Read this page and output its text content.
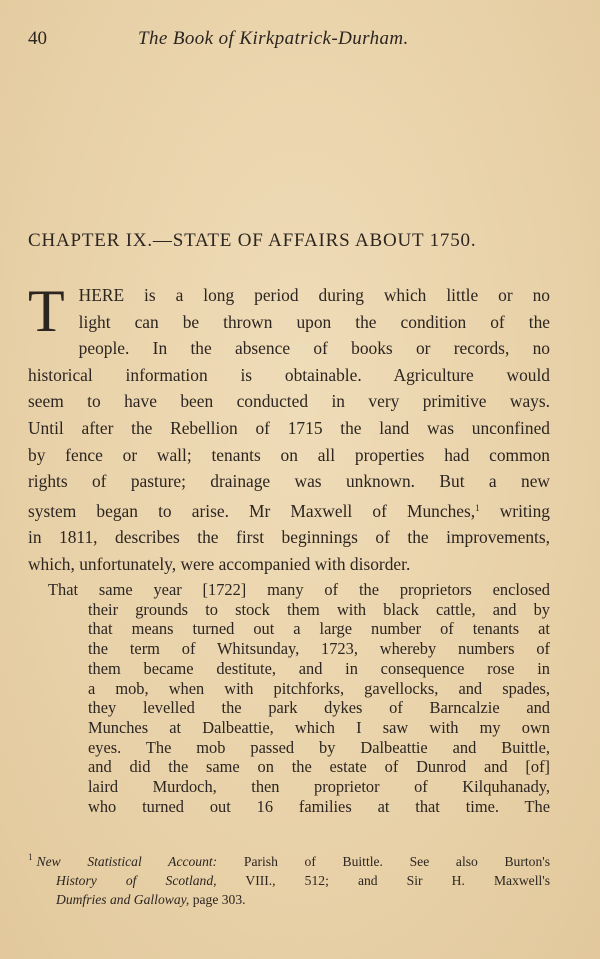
40	The Book of Kirkpatrick-Durham.
CHAPTER IX.—STATE OF AFFAIRS ABOUT 1750.
T HERE is a long period during which little or no
light can be thrown upon the condition of the
people. In the absence of books or records, no
historical information is obtainable. Agriculture would
seem to have been conducted in very primitive ways.
Until after the Rebellion of 1715 the land was unconfined
by fence or wall; tenants on all properties had common
rights of pasture; drainage was unknown. But a new
system began to arise. Mr Maxwell of Munches,$^1$ writing
in 1811, describes the first beginnings of the improvements,
which, unfortunately, were accompanied with disorder.
That same year [1722] many of the proprietors enclosed
their grounds to stock them with black cattle, and by
that means turned out a large number of tenants at
the term of Whitsunday, 1723, whereby numbers of
them became destitute, and in consequence rose in
a mob, when with pitchforks, gavellocks, and spades,
they levelled the park dykes of Barncalzie and
Munches at Dalbeattie, which I saw with my own
eyes. The mob passed by Dalbeattie and Buittle,
and did the same on the estate of Dunrod and [of]
laird Murdoch, then proprietor of Kilquhanady,
who turned out 16 families at that time. The
$^1$ New Statistical Account: Parish of Buittle. See also Burton's
History of Scotland, VIII., 512; and Sir H. Maxwell's
Dumfries and Galloway, page 303.
